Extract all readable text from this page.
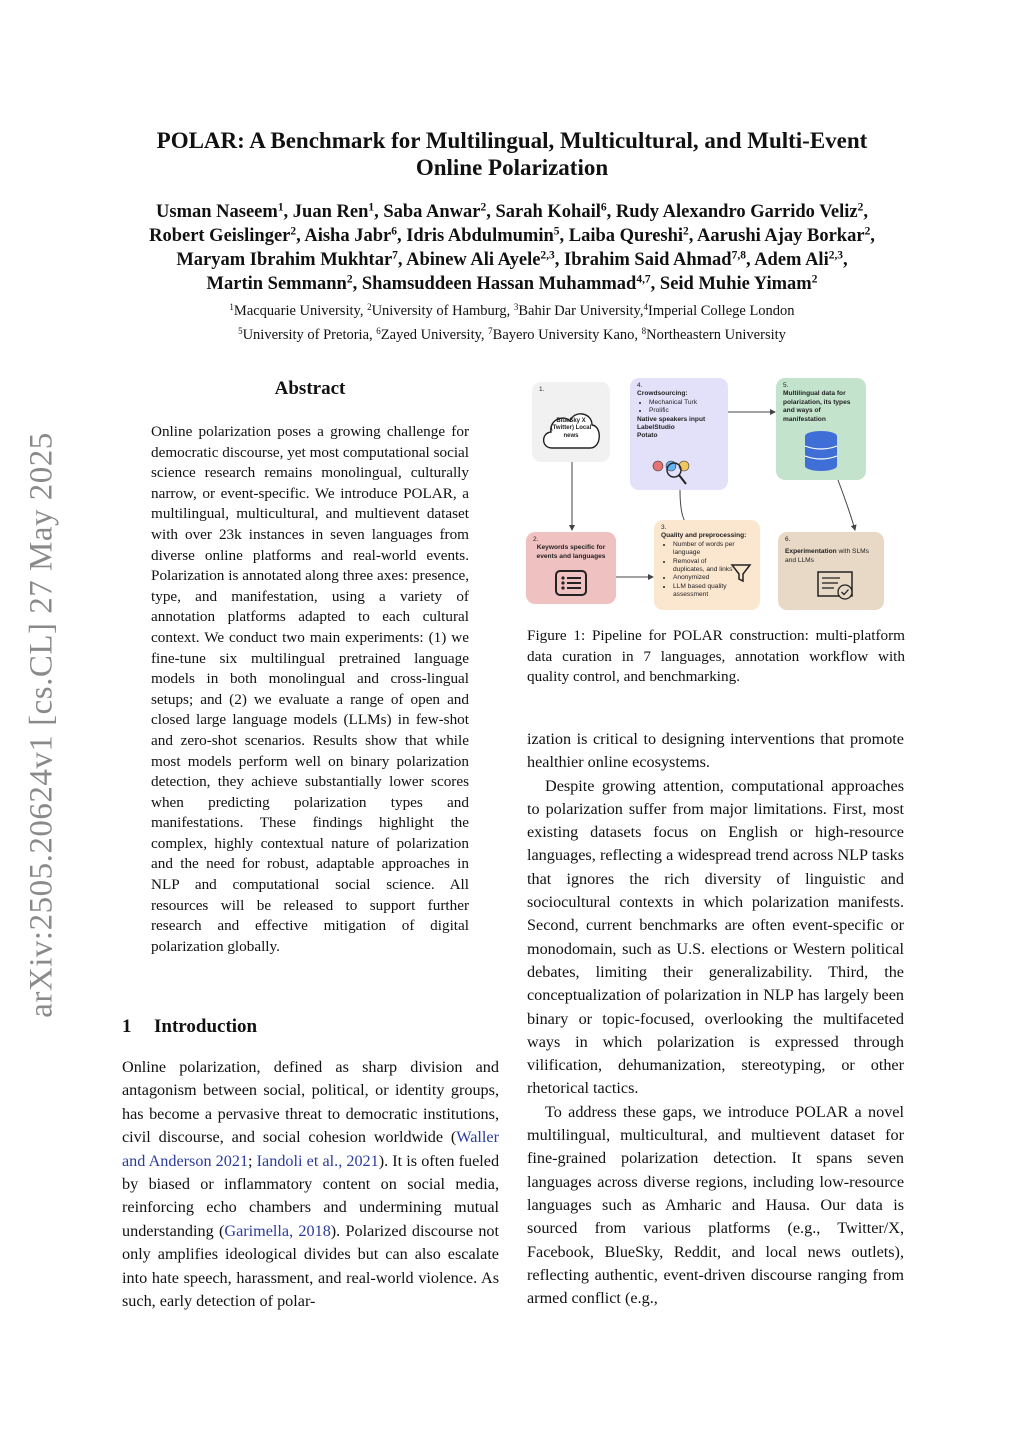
arXiv:2505.20624v1 [cs.CL] 27 May 2025
POLAR: A Benchmark for Multilingual, Multicultural, and Multi-Event
Online Polarization
Usman Naseem$^1$, Juan Ren$^1$, Saba Anwar$^2$, Sarah Kohail$^6$, Rudy Alexandro Garrido Veliz$^2$,
Robert Geislinger$^2$, Aisha Jabr$^6$, Idris Abdulmumin$^5$, Laiba Qureshi$^2$, Aarushi Ajay Borkar$^2$,
Maryam Ibrahim Mukhtar$^7$, Abinew Ali Ayele$^{2,3}$, Ibrahim Said Ahmad$^{7,8}$, Adem Ali$^{2,3}$,
Martin Semmann$^2$, Shamsuddeen Hassan Muhammad$^{4,7}$, Seid Muhie Yimam$^2$
$^1$Macquarie University, $^2$University of Hamburg, $^3$Bahir Dar University,$^4$Imperial College London
$^5$University of Pretoria, $^6$Zayed University, $^7$Bayero University Kano, $^8$Northeastern University
Abstract
Online polarization poses a growing challenge for democratic discourse, yet most computational social science research remains monolingual, culturally narrow, or event-specific. We introduce POLAR, a multilingual, multicultural, and multievent dataset with over 23k instances in seven languages from diverse online platforms and real-world events. Polarization is annotated along three axes: presence, type, and manifestation, using a variety of annotation platforms adapted to each cultural context. We conduct two main experiments: (1) we fine-tune six multilingual pretrained language models in both monolingual and cross-lingual setups; and (2) we evaluate a range of open and closed large language models (LLMs) in few-shot and zero-shot scenarios. Results show that while most models perform well on binary polarization detection, they achieve substantially lower scores when predicting polarization types and manifestations. These findings highlight the complex, highly contextual nature of polarization and the need for robust, adaptable approaches in NLP and computational social science. All resources will be released to support further research and effective mitigation of digital polarization globally.
1 Introduction
Online polarization, defined as sharp division and antagonism between social, political, or identity groups, has become a pervasive threat to democratic institutions, civil discourse, and social cohesion worldwide (Waller and Anderson 2021; Iandoli et al., 2021). It is often fueled by biased or inflammatory content on social media, reinforcing echo chambers and undermining mutual understanding (Garimella, 2018). Polarized discourse not only amplifies ideological divides but can also escalate into hate speech, harassment, and real-world violence. As such, early detection of polar-
1.
BlueSky X (Twitter) Local news
4.
Crowdsourcing:
• Mechanical Turk
• Prolific
Native speakers input
LabelStudio
Potato
5.
Multilingual data for polarization, its types and ways of manifestation
2.
Keywords specific for events and languages
3.
Quality and preprocessing:
• Number of words per language
• Removal of duplicates, and links
• Anonymized
• LLM based quality assessment
6.
Experimentation with SLMs and LLMs
Figure 1: Pipeline for POLAR construction: multi-platform data curation in 7 languages, annotation workflow with quality control, and benchmarking.

ization is critical to designing interventions that promote healthier online ecosystems.

Despite growing attention, computational approaches to polarization suffer from major limitations. First, most existing datasets focus on English or high-resource languages, reflecting a widespread trend across NLP tasks that ignores the rich diversity of linguistic and sociocultural contexts in which polarization manifests. Second, current benchmarks are often event-specific or monodomain, such as U.S. elections or Western political debates, limiting their generalizability. Third, the conceptualization of polarization in NLP has largely been binary or topic-focused, overlooking the multifaceted ways in which polarization is expressed through vilification, dehumanization, stereotyping, or other rhetorical tactics.

To address these gaps, we introduce POLAR a novel multilingual, multicultural, and multievent dataset for fine-grained polarization detection. It spans seven languages across diverse regions, including low-resource languages such as Amharic and Hausa. Our data is sourced from various platforms (e.g., Twitter/X, Facebook, BlueSky, Reddit, and local news outlets), reflecting authentic, event-driven discourse ranging from armed conflict (e.g.,
